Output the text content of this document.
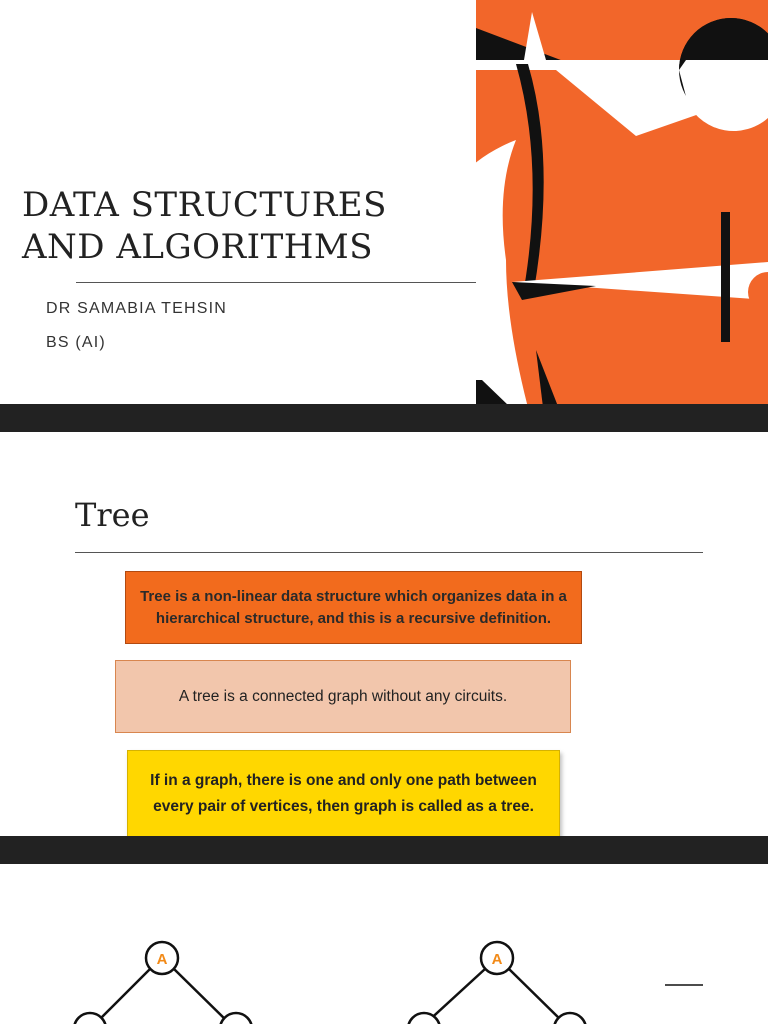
DATA STRUCTURES
AND ALGORITHMS
DR SAMABIA TEHSIN
BS (AI)
Tree
Tree is a non-linear data structure which organizes data in a hierarchical structure, and this is a recursive definition.
A tree is a connected graph without any circuits.
If in a graph, there is one and only one path between every pair of vertices, then graph is called as a tree.
A	A
